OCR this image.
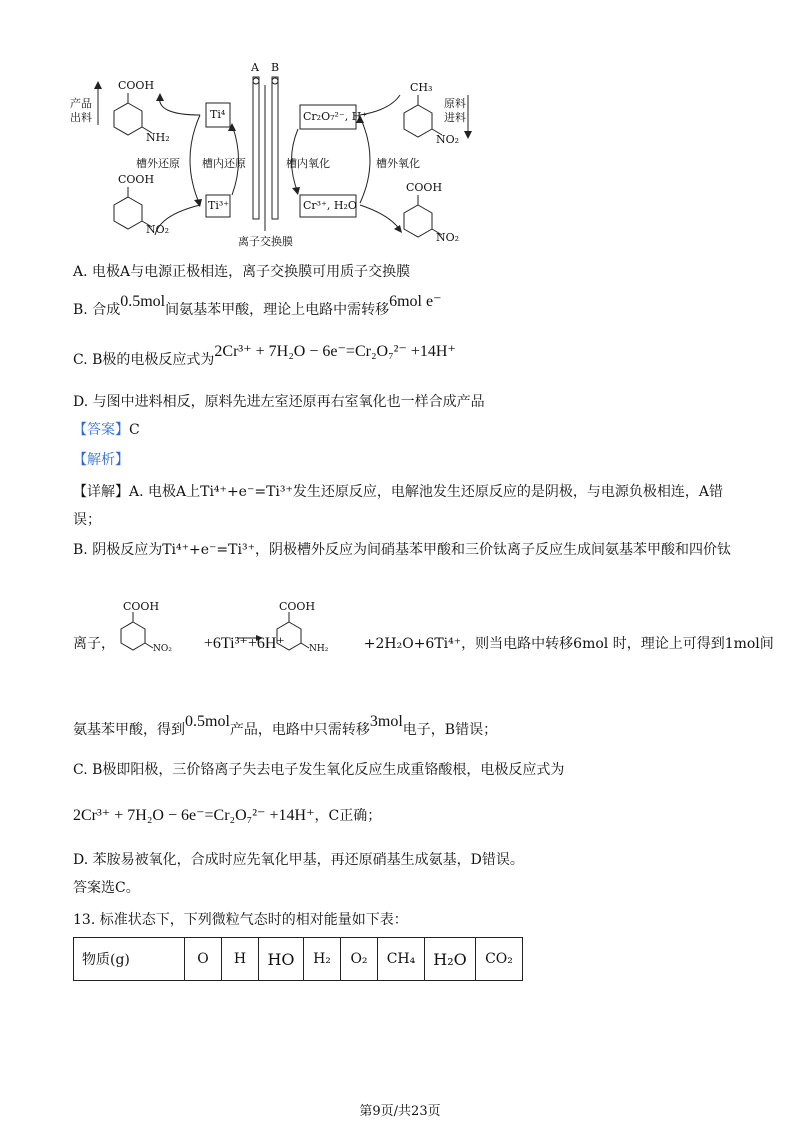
A B
产品出料
原料进料
槽外还原 槽内还原	槽内氧化	槽外氧化
离子交换膜
Ti⁴
Ti³⁺
Cr₂O₇²⁻, H⁺
Cr³⁺, H₂O
COOH
NH₂
COOH
NO₂
CH₃
NO₂
COOH
NO₂
A. 电极A与电源正极相连，离子交换膜可用质子交换膜
B. 合成0.5mol间氨基苯甲酸，理论上电路中需转移6mol e⁻
C. B极的电极反应式为2Cr³⁺ + 7H₂O − 6e⁻=Cr₂O₇²⁻ +14H⁺
D. 与图中进料相反，原料先进左室还原再右室氧化也一样合成产品
【答案】C
【解析】
【详解】A. 电极A上Ti⁴⁺+e⁻=Ti³⁺发生还原反应，电解池发生还原反应的是阴极，与电源负极相连，A错
误；
B. 阴极反应为Ti⁴⁺+e⁻=Ti³⁺，阴极槽外反应为间硝基苯甲酸和三价钛离子反应生成间氨基苯甲酸和四价钛
COOH
NO₂
COOH
NH₂
离子，	+6Ti³⁺+6H⁺	+2H₂O+6Ti⁴⁺，则当电路中转移6mol 时，理论上可得到1mol间
氨基苯甲酸，得到0.5mol产品，电路中只需转移3mol电子，B错误；
C. B极即阳极，三价铬离子失去电子发生氧化反应生成重铬酸根，电极反应式为
2Cr³⁺ + 7H₂O − 6e⁻=Cr₂O₇²⁻ +14H⁺，C正确；
D. 苯胺易被氧化，合成时应先氧化甲基，再还原硝基生成氨基，D错误。
答案选C。
13. 标准状态下，下列微粒气态时的相对能量如下表：
物质(g)	O	H	HO	H₂	O₂	CH₄	H₂O	CO₂
第9页/共23页
